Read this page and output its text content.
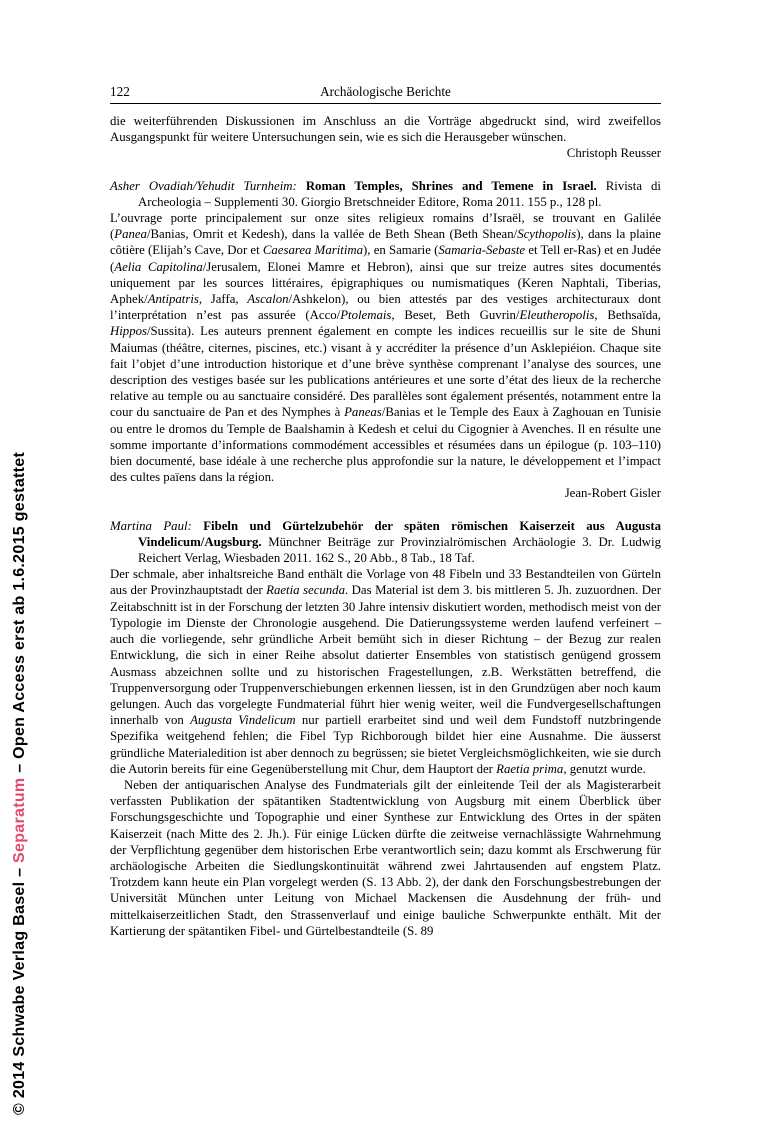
© 2014 Schwabe Verlag Basel – Separatum – Open Access erst ab 1.6.2015 gestattet
122	Archäologische Berichte
die weiterführenden Diskussionen im Anschluss an die Vorträge abgedruckt sind, wird zweifellos Ausgangspunkt für weitere Untersuchungen sein, wie es sich die Herausgeber wünschen.
Christoph Reusser
Asher Ovadiah/Yehudit Turnheim: Roman Temples, Shrines and Temene in Israel. Rivista di Archeologia – Supplementi 30. Giorgio Bretschneider Editore, Roma 2011. 155 p., 128 pl.
L’ouvrage porte principalement sur onze sites religieux romains d’Israël, se trouvant en Galilée (Panea/Banias, Omrit et Kedesh), dans la vallée de Beth Shean (Beth Shean/Scythopolis), dans la plaine côtière (Elijah’s Cave, Dor et Caesarea Maritima), en Samarie (Samaria-Sebaste et Tell er-Ras) et en Judée (Aelia Capitolina/Jerusalem, Elonei Mamre et Hebron), ainsi que sur treize autres sites documentés uniquement par les sources littéraires, épigraphiques ou numismatiques (Keren Naphtali, Tiberias, Aphek/Antipatris, Jaffa, Ascalon/Ashkelon), ou bien attestés par des vestiges architecturaux dont l’interprétation n’est pas assurée (Acco/Ptolemais, Beset, Beth Guvrin/Eleutheropolis, Bethsaïda, Hippos/Sussita). Les auteurs prennent également en compte les indices recueillis sur le site de Shuni Maiumas (théâtre, citernes, piscines, etc.) visant à y accréditer la présence d’un Asklepiéion. Chaque site fait l’objet d’une introduction historique et d’une brève synthèse comprenant l’analyse des sources, une description des vestiges basée sur les publications antérieures et une sorte d’état des lieux de la recherche relative au temple ou au sanctuaire considéré. Des parallèles sont également présentés, notamment entre la cour du sanctuaire de Pan et des Nymphes à Paneas/Banias et le Temple des Eaux à Zaghouan en Tunisie ou entre le dromos du Temple de Baalshamin à Kedesh et celui du Cigognier à Avenches. Il en résulte une somme importante d’informations commodément accessibles et résumées dans un épilogue (p. 103–110) bien documenté, base idéale à une recherche plus approfondie sur la nature, le développement et l’impact des cultes païens dans la région.
Jean-Robert Gisler
Martina Paul: Fibeln und Gürtelzubehör der späten römischen Kaiserzeit aus Augusta Vindelicum/Augsburg. Münchner Beiträge zur Provinzialrömischen Archäologie 3. Dr. Ludwig Reichert Verlag, Wiesbaden 2011. 162 S., 20 Abb., 8 Tab., 18 Taf.
Der schmale, aber inhaltsreiche Band enthält die Vorlage von 48 Fibeln und 33 Bestandteilen von Gürteln aus der Provinzhauptstadt der Raetia secunda. Das Material ist dem 3. bis mittleren 5. Jh. zuzuordnen. Der Zeitabschnitt ist in der Forschung der letzten 30 Jahre intensiv diskutiert worden, methodisch meist von der Typologie im Dienste der Chronologie ausgehend. Die Datierungssysteme werden laufend verfeinert – auch die vorliegende, sehr gründliche Arbeit bemüht sich in dieser Richtung – der Bezug zur realen Entwicklung, die sich in einer Reihe absolut datierter Ensembles von statistisch genügend grossem Ausmass abzeichnen sollte und zu historischen Fragestellungen, z.B. Werkstätten betreffend, die Truppenversorgung oder Truppenverschiebungen erkennen liessen, ist in den Grundzügen aber noch kaum gelungen. Auch das vorgelegte Fundmaterial führt hier wenig weiter, weil die Fundvergesellschaftungen innerhalb von Augusta Vindelicum nur partiell erarbeitet sind und weil dem Fundstoff nutzbringende Spezifika weitgehend fehlen; die Fibel Typ Richborough bildet hier eine Ausnahme. Die äusserst gründliche Materialedition ist aber dennoch zu begrüssen; sie bietet Vergleichsmöglichkeiten, wie sie durch die Autorin bereits für eine Gegenüberstellung mit Chur, dem Hauptort der Raetia prima, genutzt wurde.
Neben der antiquarischen Analyse des Fundmaterials gilt der einleitende Teil der als Magisterarbeit verfassten Publikation der spätantiken Stadtentwicklung von Augsburg mit einem Überblick über Forschungsgeschichte und Topographie und einer Synthese zur Entwicklung des Ortes in der späten Kaiserzeit (nach Mitte des 2. Jh.). Für einige Lücken dürfte die zeitweise vernachlässigte Wahrnehmung der Verpflichtung gegenüber dem historischen Erbe verantwortlich sein; dazu kommt als Erschwerung für archäologische Arbeiten die Siedlungskontinuität während zwei Jahrtausenden auf engstem Platz. Trotzdem kann heute ein Plan vorgelegt werden (S. 13 Abb. 2), der dank den Forschungsbestrebungen der Universität München unter Leitung von Michael Mackensen die Ausdehnung der früh- und mittelkaiserzeitlichen Stadt, den Strassenverlauf und einige bauliche Schwerpunkte enthält. Mit der Kartierung der spätantiken Fibel- und Gürtelbestandteile (S. 89
